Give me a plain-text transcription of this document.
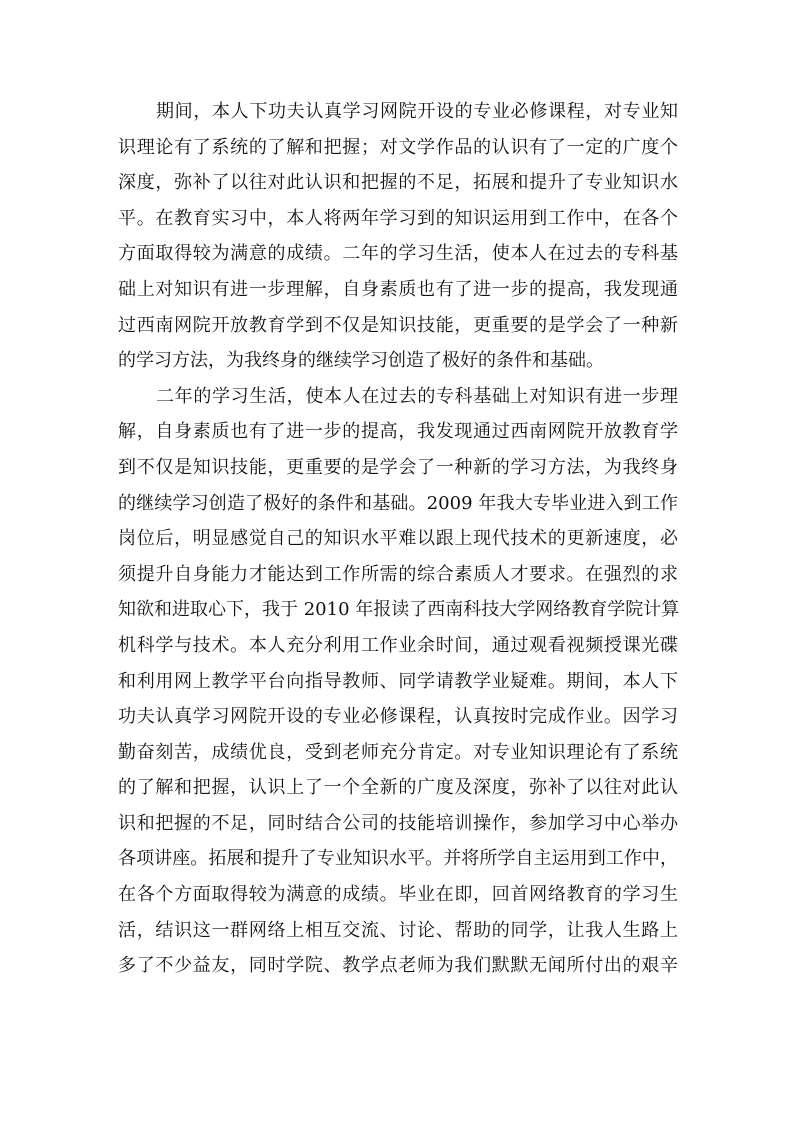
期间，本人下功夫认真学习网院开设的专业必修课程，对专业知
识理论有了系统的了解和把握；对文学作品的认识有了一定的广度个
深度，弥补了以往对此认识和把握的不足，拓展和提升了专业知识水
平。在教育实习中，本人将两年学习到的知识运用到工作中，在各个
方面取得较为满意的成绩。二年的学习生活，使本人在过去的专科基
础上对知识有进一步理解，自身素质也有了进一步的提高，我发现通
过西南网院开放教育学到不仅是知识技能，更重要的是学会了一种新
的学习方法，为我终身的继续学习创造了极好的条件和基础。
二年的学习生活，使本人在过去的专科基础上对知识有进一步理
解，自身素质也有了进一步的提高，我发现通过西南网院开放教育学
到不仅是知识技能，更重要的是学会了一种新的学习方法，为我终身
的继续学习创造了极好的条件和基础。2009 年我大专毕业进入到工作
岗位后，明显感觉自己的知识水平难以跟上现代技术的更新速度，必
须提升自身能力才能达到工作所需的综合素质人才要求。在强烈的求
知欲和进取心下，我于 2010 年报读了西南科技大学网络教育学院计算
机科学与技术。本人充分利用工作业余时间，通过观看视频授课光碟
和利用网上教学平台向指导教师、同学请教学业疑难。期间，本人下
功夫认真学习网院开设的专业必修课程，认真按时完成作业。因学习
勤奋刻苦，成绩优良，受到老师充分肯定。对专业知识理论有了系统
的了解和把握，认识上了一个全新的广度及深度，弥补了以往对此认
识和把握的不足，同时结合公司的技能培训操作，参加学习中心举办
各项讲座。拓展和提升了专业知识水平。并将所学自主运用到工作中，
在各个方面取得较为满意的成绩。毕业在即，回首网络教育的学习生
活，结识这一群网络上相互交流、讨论、帮助的同学，让我人生路上
多了不少益友，同时学院、教学点老师为我们默默无闻所付出的艰辛
